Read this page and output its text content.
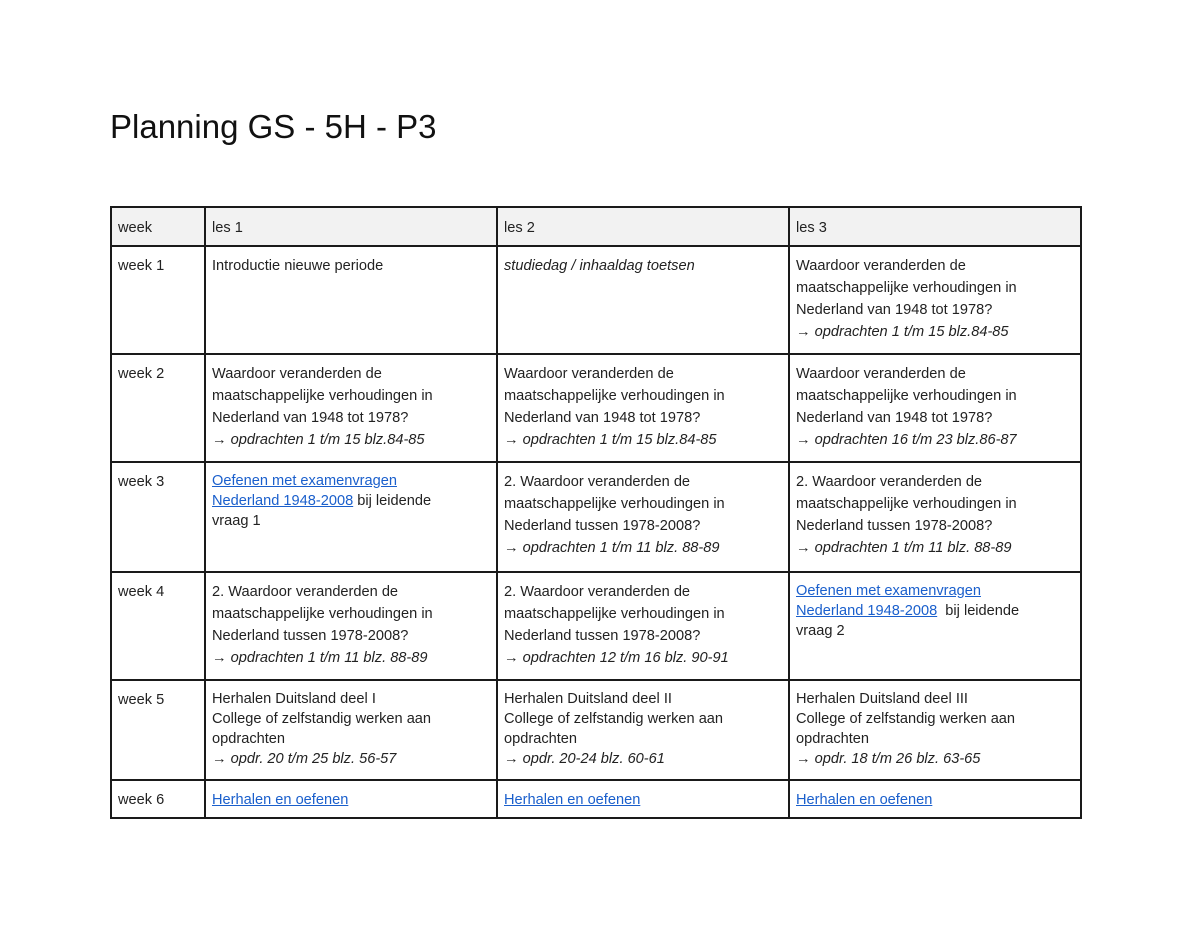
Planning GS - 5H - P3
week	les 1	les 2	les 3
week 1	Introductie nieuwe periode	studiedag / inhaaldag toetsen	Waardoor veranderden de
maatschappelijke verhoudingen in
Nederland van 1948 tot 1978?
→ opdrachten 1 t/m 15 blz.84-85

week 2	Waardoor veranderden de
maatschappelijke verhoudingen in
Nederland van 1948 tot 1978?
→ opdrachten 1 t/m 15 blz.84-85	Waardoor veranderden de
maatschappelijke verhoudingen in
Nederland van 1948 tot 1978?
→ opdrachten 1 t/m 15 blz.84-85	Waardoor veranderden de
maatschappelijke verhoudingen in
Nederland van 1948 tot 1978?
→ opdrachten 16 t/m 23 blz.86-87

week 3	Oefenen met examenvragen
Nederland 1948-2008 bij leidende
vraag 1	2. Waardoor veranderden de
maatschappelijke verhoudingen in
Nederland tussen 1978-2008?
→ opdrachten 1 t/m 11 blz. 88-89	2. Waardoor veranderden de
maatschappelijke verhoudingen in
Nederland tussen 1978-2008?
→ opdrachten 1 t/m 11 blz. 88-89

week 4	2. Waardoor veranderden de
maatschappelijke verhoudingen in
Nederland tussen 1978-2008?
→ opdrachten 1 t/m 11 blz. 88-89	2. Waardoor veranderden de
maatschappelijke verhoudingen in
Nederland tussen 1978-2008?
→ opdrachten 12 t/m 16 blz. 90-91	Oefenen met examenvragen
Nederland 1948-2008  bij leidende
vraag 2
week 5	Herhalen Duitsland deel I
College of zelfstandig werken aan
opdrachten
→ opdr. 20 t/m 25 blz. 56-57	Herhalen Duitsland deel II
College of zelfstandig werken aan
opdrachten
→ opdr. 20-24 blz. 60-61	Herhalen Duitsland deel III
College of zelfstandig werken aan
opdrachten
→ opdr. 18 t/m 26 blz. 63-65

week 6	Herhalen en oefenen	Herhalen en oefenen	Herhalen en oefenen
